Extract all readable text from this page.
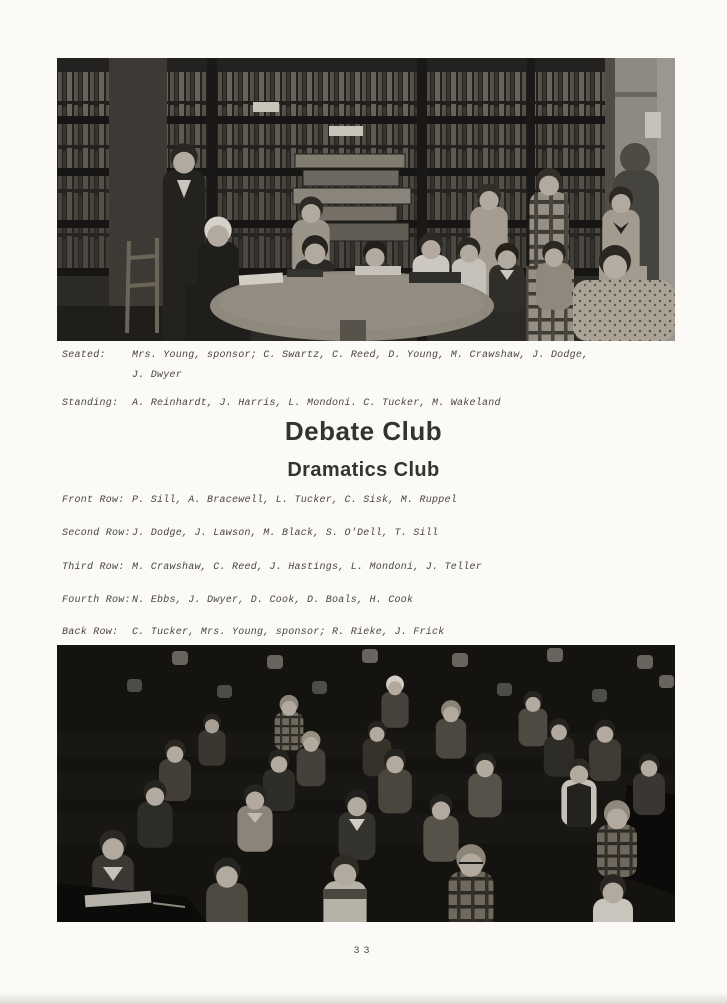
Seated:	Mrs. Young, sponsor; C. Swartz, C. Reed, D. Young, M. Crawshaw, J. Dodge,
J. Dwyer
Standing: A. Reinhardt, J. Harris, L. Mondoni. C. Tucker, M. Wakeland
Debate Club
Dramatics Club
Front Row: P. Sill, A. Bracewell, L. Tucker, C. Sisk, M. Ruppel
Second Row:J. Dodge, J. Lawson, M. Black, S. O'Dell, T. Sill
Third Row: M. Crawshaw, C. Reed, J. Hastings, L. Mondoni, J. Teller
Fourth Row:N. Ebbs, J. Dwyer, D. Cook, D. Boals, H. Cook
Back Row: C. Tucker, Mrs. Young, sponsor; R. Rieke, J. Frick
33
